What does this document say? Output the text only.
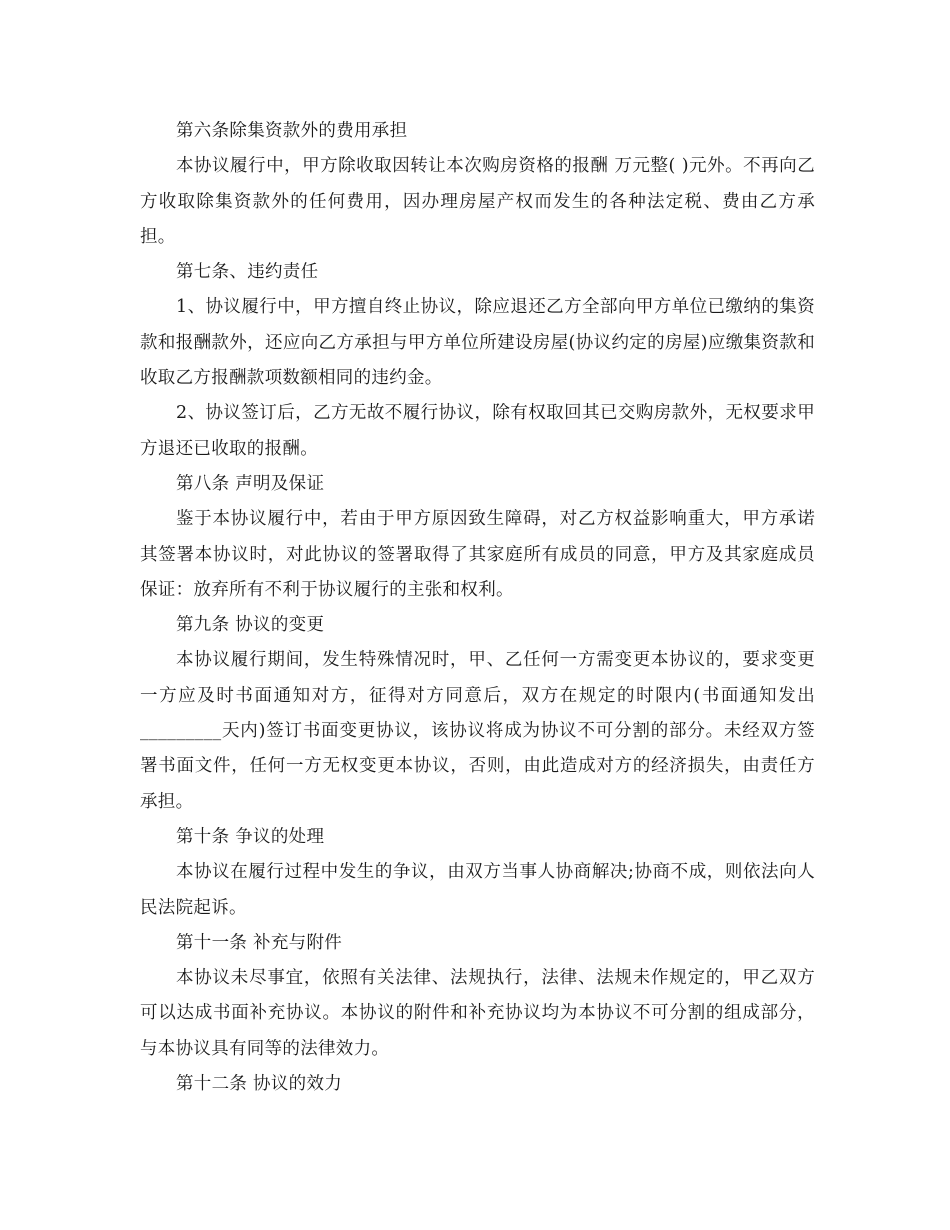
第六条除集资款外的费用承担

本协议履行中，甲方除收取因转让本次购房资格的报酬 万元整( )元外。不再向乙方收取除集资款外的任何费用，因办理房屋产权而发生的各种法定税、费由乙方承担。

第七条、违约责任

1、协议履行中，甲方擅自终止协议，除应退还乙方全部向甲方单位已缴纳的集资款和报酬款外，还应向乙方承担与甲方单位所建设房屋(协议约定的房屋)应缴集资款和收取乙方报酬款项数额相同的违约金。

2、协议签订后，乙方无故不履行协议，除有权取回其已交购房款外，无权要求甲方退还已收取的报酬。

第八条 声明及保证

鉴于本协议履行中，若由于甲方原因致生障碍，对乙方权益影响重大，甲方承诺其签署本协议时，对此协议的签署取得了其家庭所有成员的同意，甲方及其家庭成员保证：放弃所有不利于协议履行的主张和权利。

第九条 协议的变更

本协议履行期间，发生特殊情况时，甲、乙任何一方需变更本协议的，要求变更一方应及时书面通知对方，征得对方同意后，双方在规定的时限内(书面通知发出_________天内)签订书面变更协议，该协议将成为协议不可分割的部分。未经双方签署书面文件，任何一方无权变更本协议，否则，由此造成对方的经济损失，由责任方承担。

第十条 争议的处理

本协议在履行过程中发生的争议，由双方当事人协商解决;协商不成，则依法向人民法院起诉。

第十一条 补充与附件

本协议未尽事宜，依照有关法律、法规执行，法律、法规未作规定的，甲乙双方可以达成书面补充协议。本协议的附件和补充协议均为本协议不可分割的组成部分，与本协议具有同等的法律效力。

第十二条 协议的效力
